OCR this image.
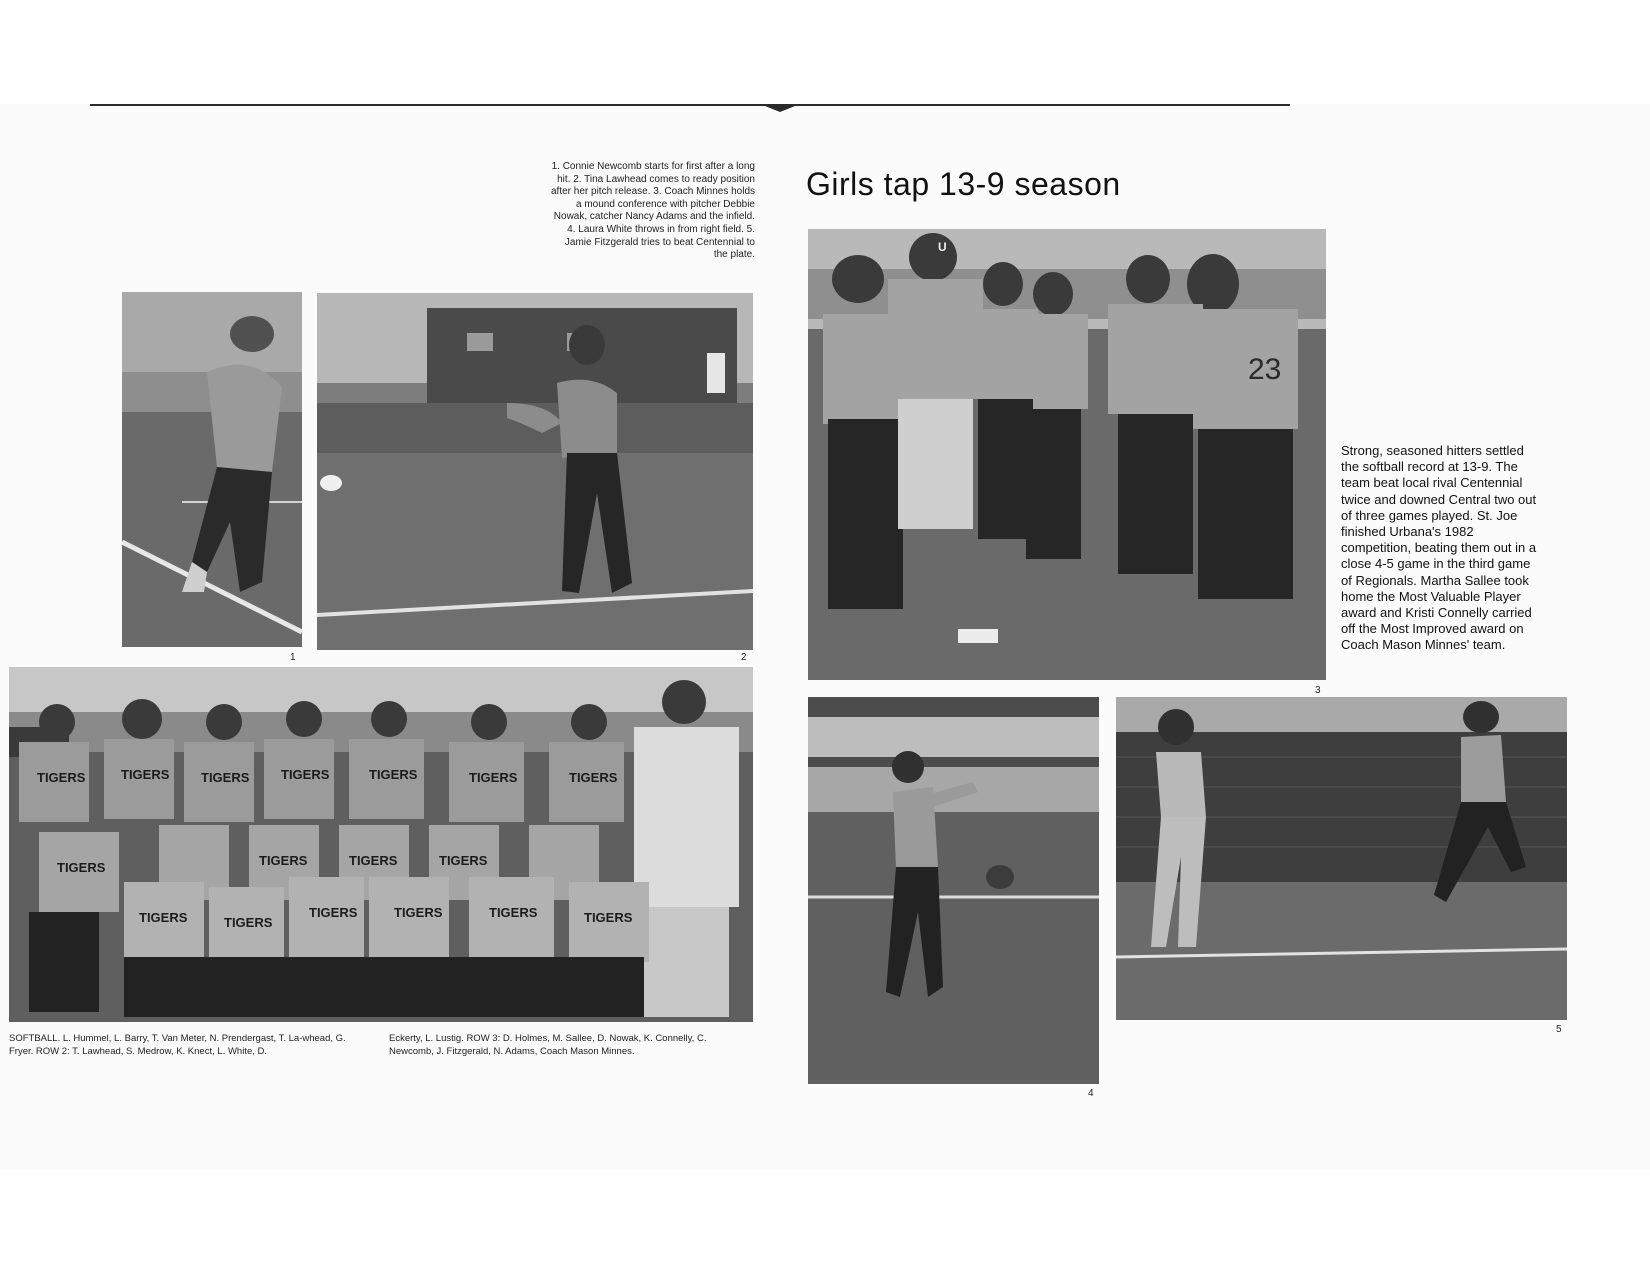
1	2
1. Connie Newcomb starts for first after a long hit. 2. Tina Lawhead comes to ready position after her pitch release. 3. Coach Minnes holds a mound conference with pitcher Debbie Nowak, catcher Nancy Adams and the infield. 4. Laura White throws in from right field. 5. Jamie Fitzgerald tries to beat Centennial to the plate.
TIGERS	TIGERS TIGERS TIGERS	TIGERS	TIGERS	TIGERS
TIGERS	TIGERS	TIGERS	TIGERS
TIGERS	TIGERS
TIGERS	TIGERS	TIGERS	TIGERS
SOFTBALL. L. Hummel, L. Barry, T. Van Meter, N. Prendergast, T. La-whead, G. Fryer. ROW 2: T. Lawhead, S. Medrow, K. Knect, L. White, D.
Eckerty, L. Lustig. ROW 3: D. Holmes, M. Sallee, D. Nowak, K. Connelly, C. Newcomb, J. Fitzgerald, N. Adams, Coach Mason Minnes.
Girls tap 13-9 season
23
U
3
Strong, seasoned hitters settled the softball record at 13-9. The team beat local rival Centennial twice and downed Central two out of three games played. St. Joe finished Urbana's 1982 competition, beating them out in a close 4-5 game in the third game of Regionals. Martha Sallee took home the Most Valuable Player award and Kristi Connelly carried off the Most Improved award on Coach Mason Minnes' team.
4
5
